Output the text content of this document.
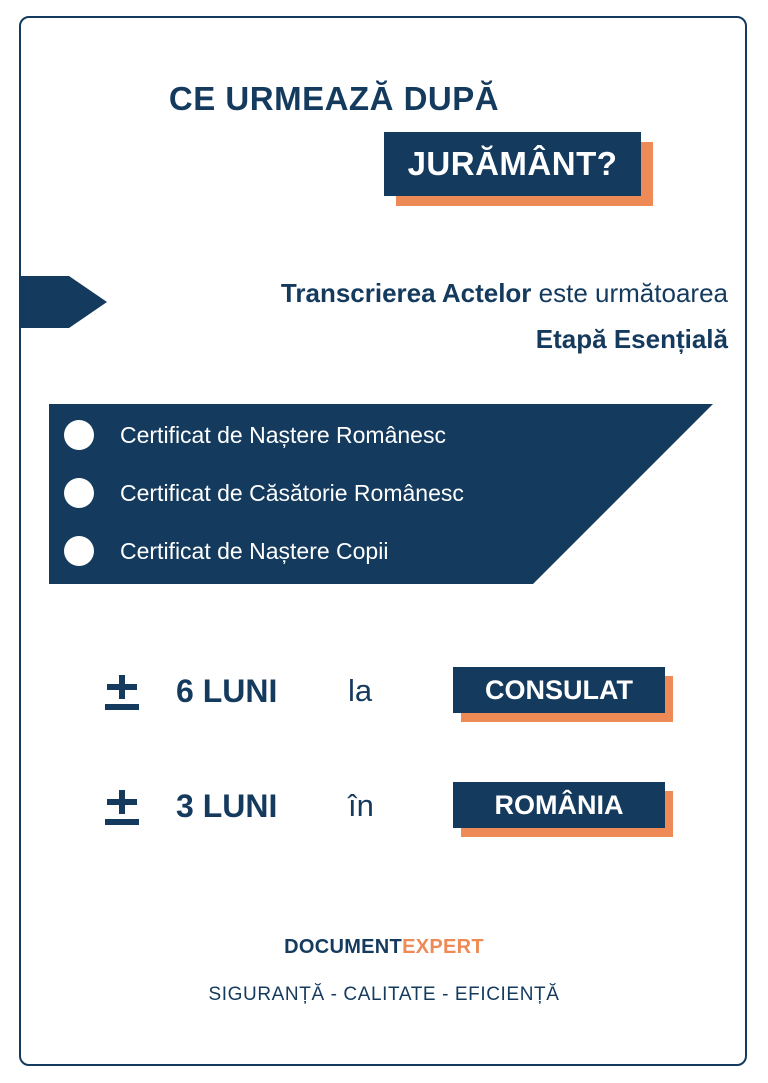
CE URMEAZĂ DUPĂ
JURĂMÂNT?
Transcrierea Actelor este următoarea
Etapă Esențială
Certificat de Naștere Românesc
Certificat de Căsătorie Românesc
Certificat de Naștere Copii
6 LUNI la	CONSULAT
3 LUNI în	ROMÂNIA
DOCUMENTEXPERT
SIGURANȚĂ - CALITATE - EFICIENȚĂ
